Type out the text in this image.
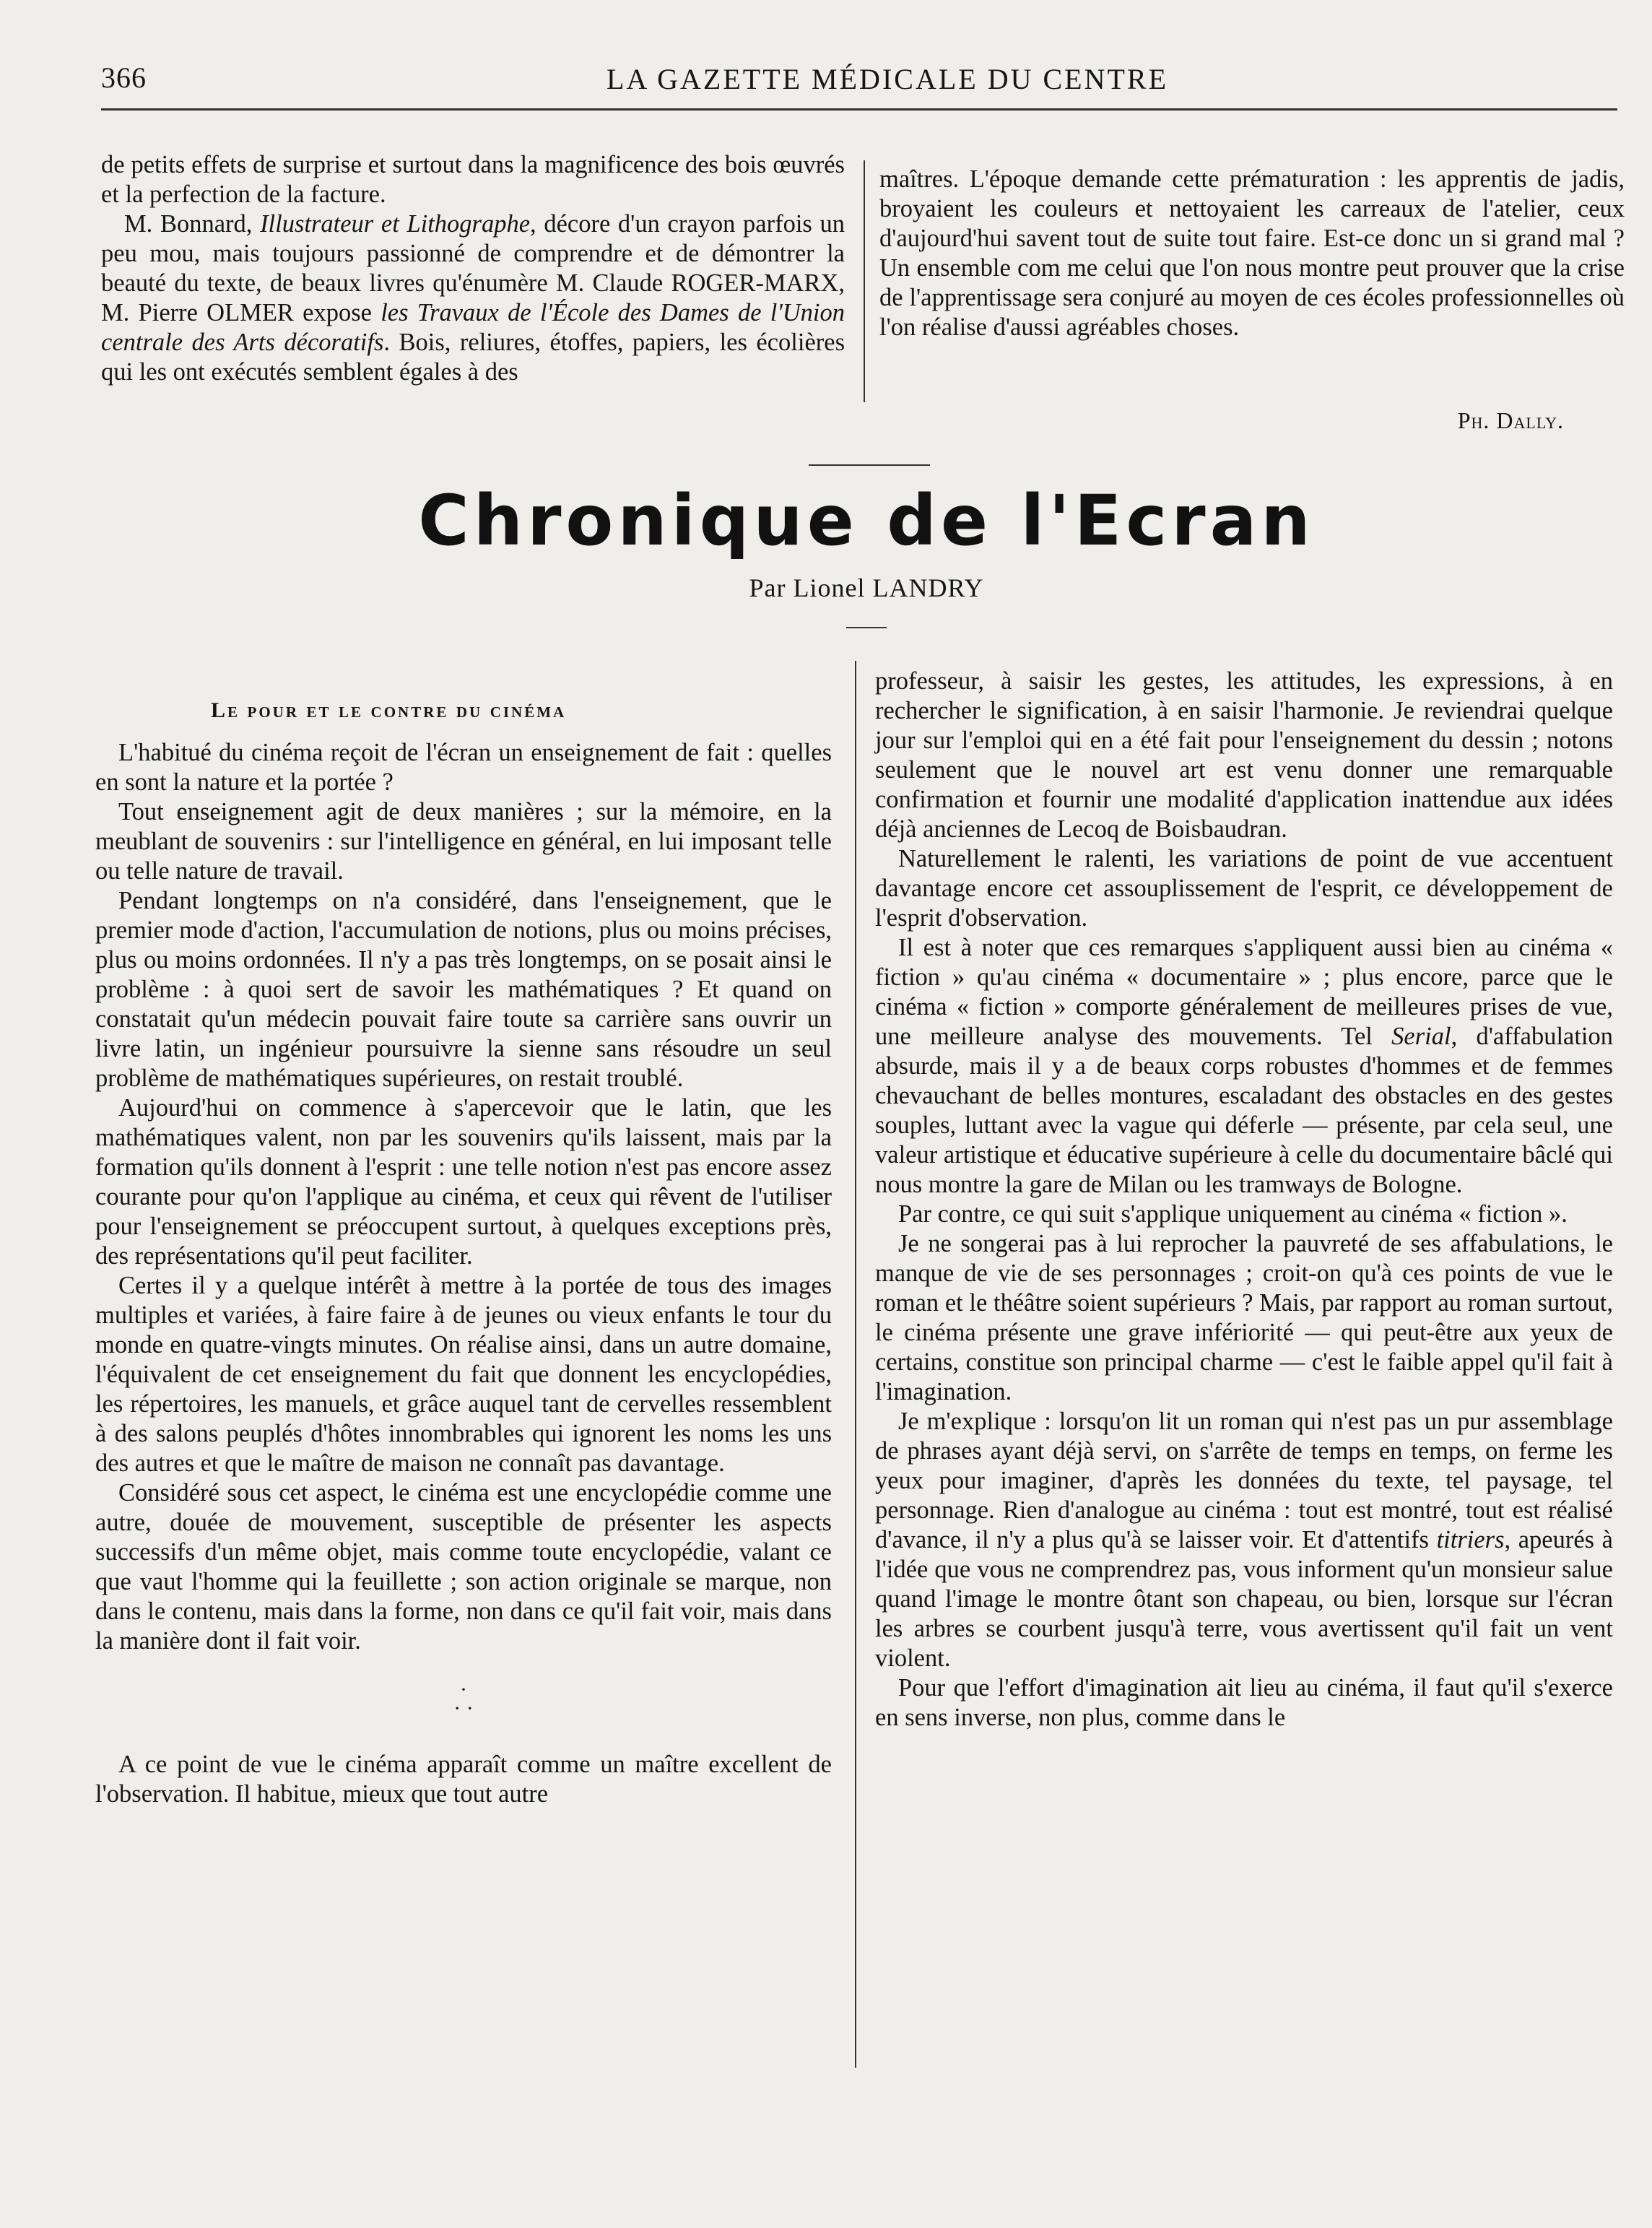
366	LA GAZETTE MÉDICALE DU CENTRE

de petits effets de surprise et surtout dans la magnificence des bois œuvrés et la perfection de la facture.

M. Bonnard, Illustrateur et Lithographe, décore d'un crayon parfois un peu mou, mais toujours passionné de comprendre et de démontrer la beauté du texte, de beaux livres qu'énumère M. Claude ROGER-MARX, M. Pierre OLMER expose les Travaux de l'École des Dames de l'Union centrale des Arts décoratifs. Bois, reliures, étoffes, papiers, les écolières qui les ont exécutés semblent égales à des

maîtres. L'époque demande cette prématuration : les apprentis de jadis, broyaient les couleurs et nettoyaient les carreaux de l'atelier, ceux d'aujourd'hui savent tout de suite tout faire. Est-ce donc un si grand mal ? Un ensemble com me celui que l'on nous montre peut prouver que la crise de l'apprentissage sera conjuré au moyen de ces écoles professionnelles où l'on réalise d'aussi agréables choses.

Ph. Dally.
Chronique de l'Ecran
Par Lionel LANDRY

Le pour et le contre du cinéma

L'habitué du cinéma reçoit de l'écran un enseignement de fait : quelles en sont la nature et la portée ?

Tout enseignement agit de deux manières ; sur la mémoire, en la meublant de souvenirs : sur l'intelligence en général, en lui imposant telle ou telle nature de travail.

Pendant longtemps on n'a considéré, dans l'enseignement, que le premier mode d'action, l'accumulation de notions, plus ou moins précises, plus ou moins ordonnées. Il n'y a pas très longtemps, on se posait ainsi le problème : à quoi sert de savoir les mathématiques ? Et quand on constatait qu'un médecin pouvait faire toute sa carrière sans ouvrir un livre latin, un ingénieur poursuivre la sienne sans résoudre un seul problème de mathématiques supérieures, on restait troublé.

Aujourd'hui on commence à s'apercevoir que le latin, que les mathématiques valent, non par les souvenirs qu'ils laissent, mais par la formation qu'ils donnent à l'esprit : une telle notion n'est pas encore assez courante pour qu'on l'applique au cinéma, et ceux qui rêvent de l'utiliser pour l'enseignement se préoccupent surtout, à quelques exceptions près, des représentations qu'il peut faciliter.

Certes il y a quelque intérêt à mettre à la portée de tous des images multiples et variées, à faire faire à de jeunes ou vieux enfants le tour du monde en quatre-vingts minutes. On réalise ainsi, dans un autre domaine, l'équivalent de cet enseignement du fait que donnent les encyclopédies, les répertoires, les manuels, et grâce auquel tant de cervelles ressemblent à des salons peuplés d'hôtes innombrables qui ignorent les noms les uns des autres et que le maître de maison ne connaît pas davantage.

Considéré sous cet aspect, le cinéma est une encyclopédie comme une autre, douée de mouvement, susceptible de présenter les aspects successifs d'un même objet, mais comme toute encyclopédie, valant ce que vaut l'homme qui la feuillette ; son action originale se marque, non dans le contenu, mais dans la forme, non dans ce qu'il fait voir, mais dans la manière dont il fait voir.

·
· ·

A ce point de vue le cinéma apparaît comme un maître excellent de l'observation. Il habitue, mieux que tout autre

professeur, à saisir les gestes, les attitudes, les expressions, à en rechercher le signification, à en saisir l'harmonie. Je reviendrai quelque jour sur l'emploi qui en a été fait pour l'enseignement du dessin ; notons seulement que le nouvel art est venu donner une remarquable confirmation et fournir une modalité d'application inattendue aux idées déjà anciennes de Lecoq de Boisbaudran.

Naturellement le ralenti, les variations de point de vue accentuent davantage encore cet assouplissement de l'esprit, ce développement de l'esprit d'observation.

Il est à noter que ces remarques s'appliquent aussi bien au cinéma « fiction » qu'au cinéma « documentaire » ; plus encore, parce que le cinéma « fiction » comporte généralement de meilleures prises de vue, une meilleure analyse des mouvements. Tel Serial, d'affabulation absurde, mais il y a de beaux corps robustes d'hommes et de femmes chevauchant de belles montures, escaladant des obstacles en des gestes souples, luttant avec la vague qui déferle — présente, par cela seul, une valeur artistique et éducative supérieure à celle du documentaire bâclé qui nous montre la gare de Milan ou les tramways de Bologne.

Par contre, ce qui suit s'applique uniquement au cinéma « fiction ».

Je ne songerai pas à lui reprocher la pauvreté de ses affabulations, le manque de vie de ses personnages ; croit-on qu'à ces points de vue le roman et le théâtre soient supérieurs ? Mais, par rapport au roman surtout, le cinéma présente une grave infériorité — qui peut-être aux yeux de certains, constitue son principal charme — c'est le faible appel qu'il fait à l'imagination.

Je m'explique : lorsqu'on lit un roman qui n'est pas un pur assemblage de phrases ayant déjà servi, on s'arrête de temps en temps, on ferme les yeux pour imaginer, d'après les données du texte, tel paysage, tel personnage. Rien d'analogue au cinéma : tout est montré, tout est réalisé d'avance, il n'y a plus qu'à se laisser voir. Et d'attentifs titriers, apeurés à l'idée que vous ne comprendrez pas, vous informent qu'un monsieur salue quand l'image le montre ôtant son chapeau, ou bien, lorsque sur l'écran les arbres se courbent jusqu'à terre, vous avertissent qu'il fait un vent violent.

Pour que l'effort d'imagination ait lieu au cinéma, il faut qu'il s'exerce en sens inverse, non plus, comme dans le
